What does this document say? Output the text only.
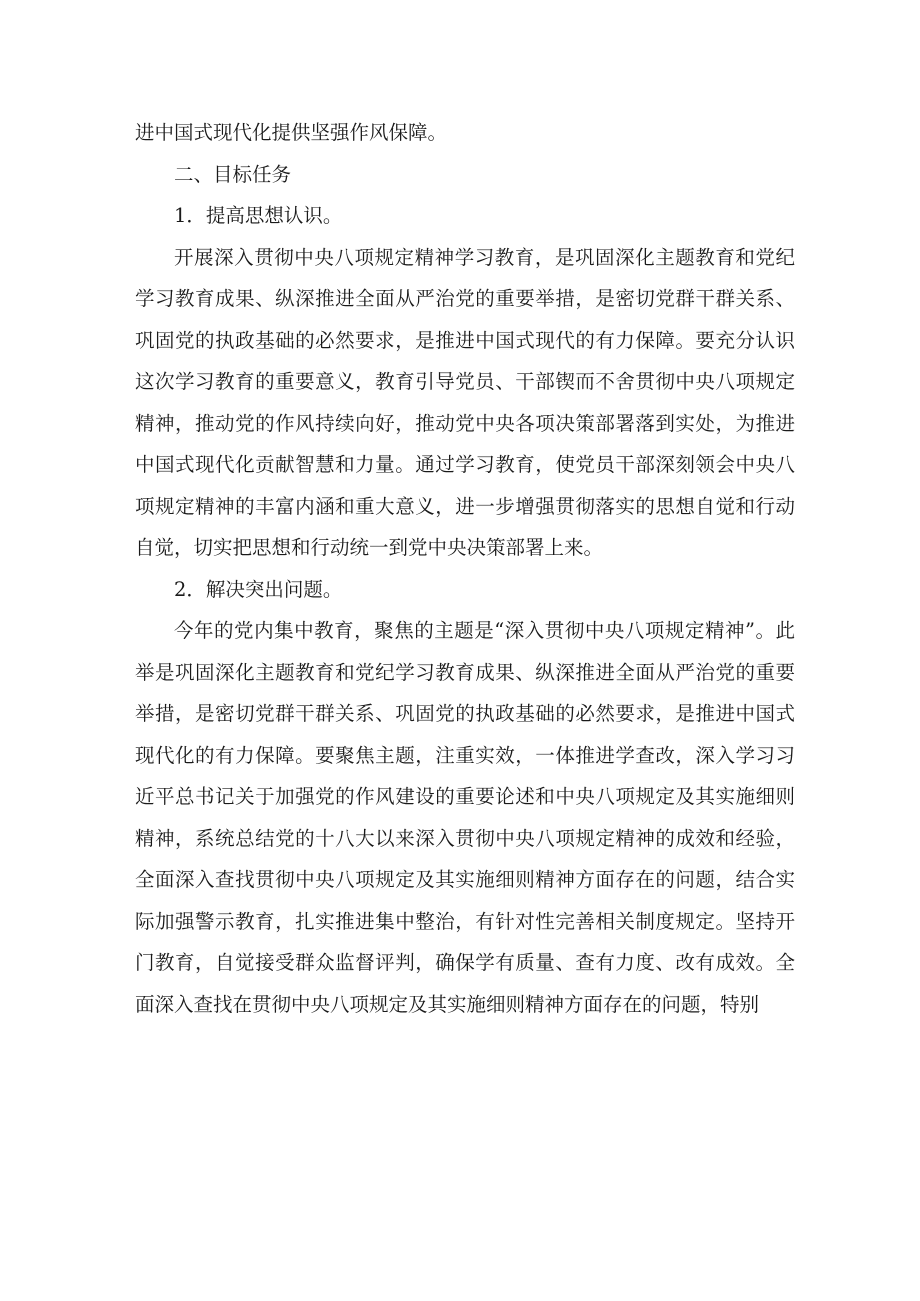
进中国式现代化提供坚强作风保障。

二、目标任务

1．提高思想认识。

开展深入贯彻中央八项规定精神学习教育，是巩固深化主题教育和党纪学习教育成果、纵深推进全面从严治党的重要举措，是密切党群干群关系、巩固党的执政基础的必然要求，是推进中国式现代的有力保障。要充分认识这次学习教育的重要意义，教育引导党员、干部锲而不舍贯彻中央八项规定精神，推动党的作风持续向好，推动党中央各项决策部署落到实处，为推进中国式现代化贡献智慧和力量。通过学习教育，使党员干部深刻领会中央八项规定精神的丰富内涵和重大意义，进一步增强贯彻落实的思想自觉和行动自觉，切实把思想和行动统一到党中央决策部署上来。

2．解决突出问题。

今年的党内集中教育，聚焦的主题是“深入贯彻中央八项规定精神”。此举是巩固深化主题教育和党纪学习教育成果、纵深推进全面从严治党的重要举措，是密切党群干群关系、巩固党的执政基础的必然要求，是推进中国式现代化的有力保障。要聚焦主题，注重实效，一体推进学查改，深入学习习近平总书记关于加强党的作风建设的重要论述和中央八项规定及其实施细则精神，系统总结党的十八大以来深入贯彻中央八项规定精神的成效和经验，全面深入查找贯彻中央八项规定及其实施细则精神方面存在的问题，结合实际加强警示教育，扎实推进集中整治，有针对性完善相关制度规定。坚持开门教育，自觉接受群众监督评判，确保学有质量、查有力度、改有成效。全面深入查找在贯彻中央八项规定及其实施细则精神方面存在的问题，特别
